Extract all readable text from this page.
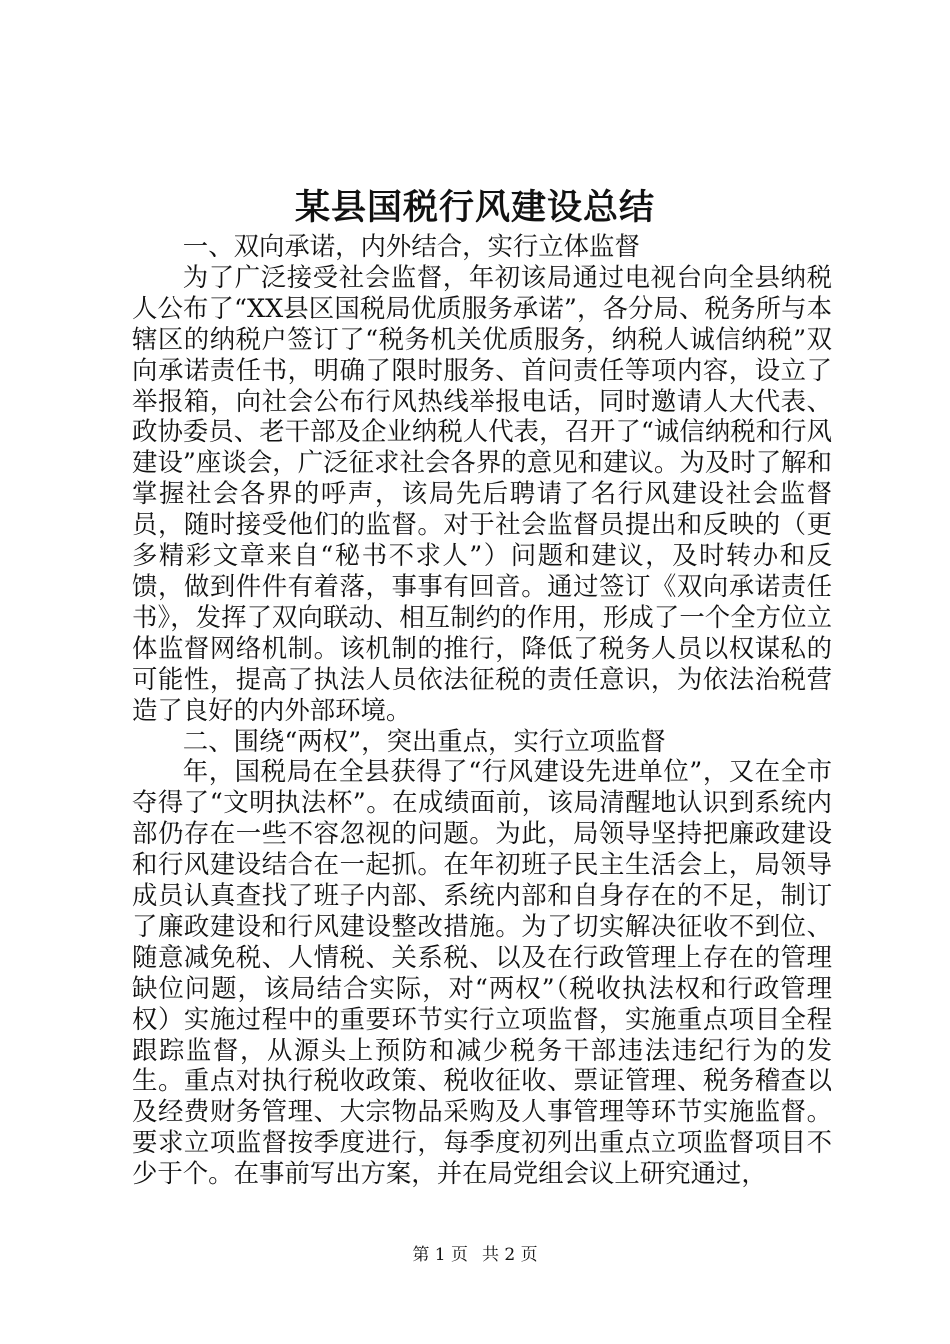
某县国税行风建设总结

一、双向承诺，内外结合，实行立体监督

为了广泛接受社会监督，年初该局通过电视台向全县纳税人公布了“XX县区国税局优质服务承诺”，各分局、税务所与本辖区的纳税户签订了“税务机关优质服务，纳税人诚信纳税”双向承诺责任书，明确了限时服务、首问责任等项内容，设立了举报箱，向社会公布行风热线举报电话，同时邀请人大代表、政协委员、老干部及企业纳税人代表，召开了“诚信纳税和行风建设”座谈会，广泛征求社会各界的意见和建议。为及时了解和掌握社会各界的呼声，该局先后聘请了名行风建设社会监督员，随时接受他们的监督。对于社会监督员提出和反映的（更多精彩文章来自“秘书不求人”）问题和建议，及时转办和反馈，做到件件有着落，事事有回音。通过签订《双向承诺责任书》，发挥了双向联动、相互制约的作用，形成了一个全方位立体监督网络机制。该机制的推行，降低了税务人员以权谋私的可能性，提高了执法人员依法征税的责任意识，为依法治税营造了良好的内外部环境。

二、围绕“两权”，突出重点，实行立项监督

年，国税局在全县获得了“行风建设先进单位”，又在全市夺得了“文明执法杯”。在成绩面前，该局清醒地认识到系统内部仍存在一些不容忽视的问题。为此，局领导坚持把廉政建设和行风建设结合在一起抓。在年初班子民主生活会上，局领导成员认真查找了班子内部、系统内部和自身存在的不足，制订了廉政建设和行风建设整改措施。为了切实解决征收不到位、随意减免税、人情税、关系税、以及在行政管理上存在的管理缺位问题，该局结合实际，对“两权”（税收执法权和行政管理权）实施过程中的重要环节实行立项监督，实施重点项目全程跟踪监督，从源头上预防和减少税务干部违法违纪行为的发生。重点对执行税收政策、税收征收、票证管理、税务稽查以及经费财务管理、大宗物品采购及人事管理等环节实施监督。要求立项监督按季度进行，每季度初列出重点立项监督项目不少于个。在事前写出方案，并在局党组会议上研究通过，

第 1 页 共 2 页
